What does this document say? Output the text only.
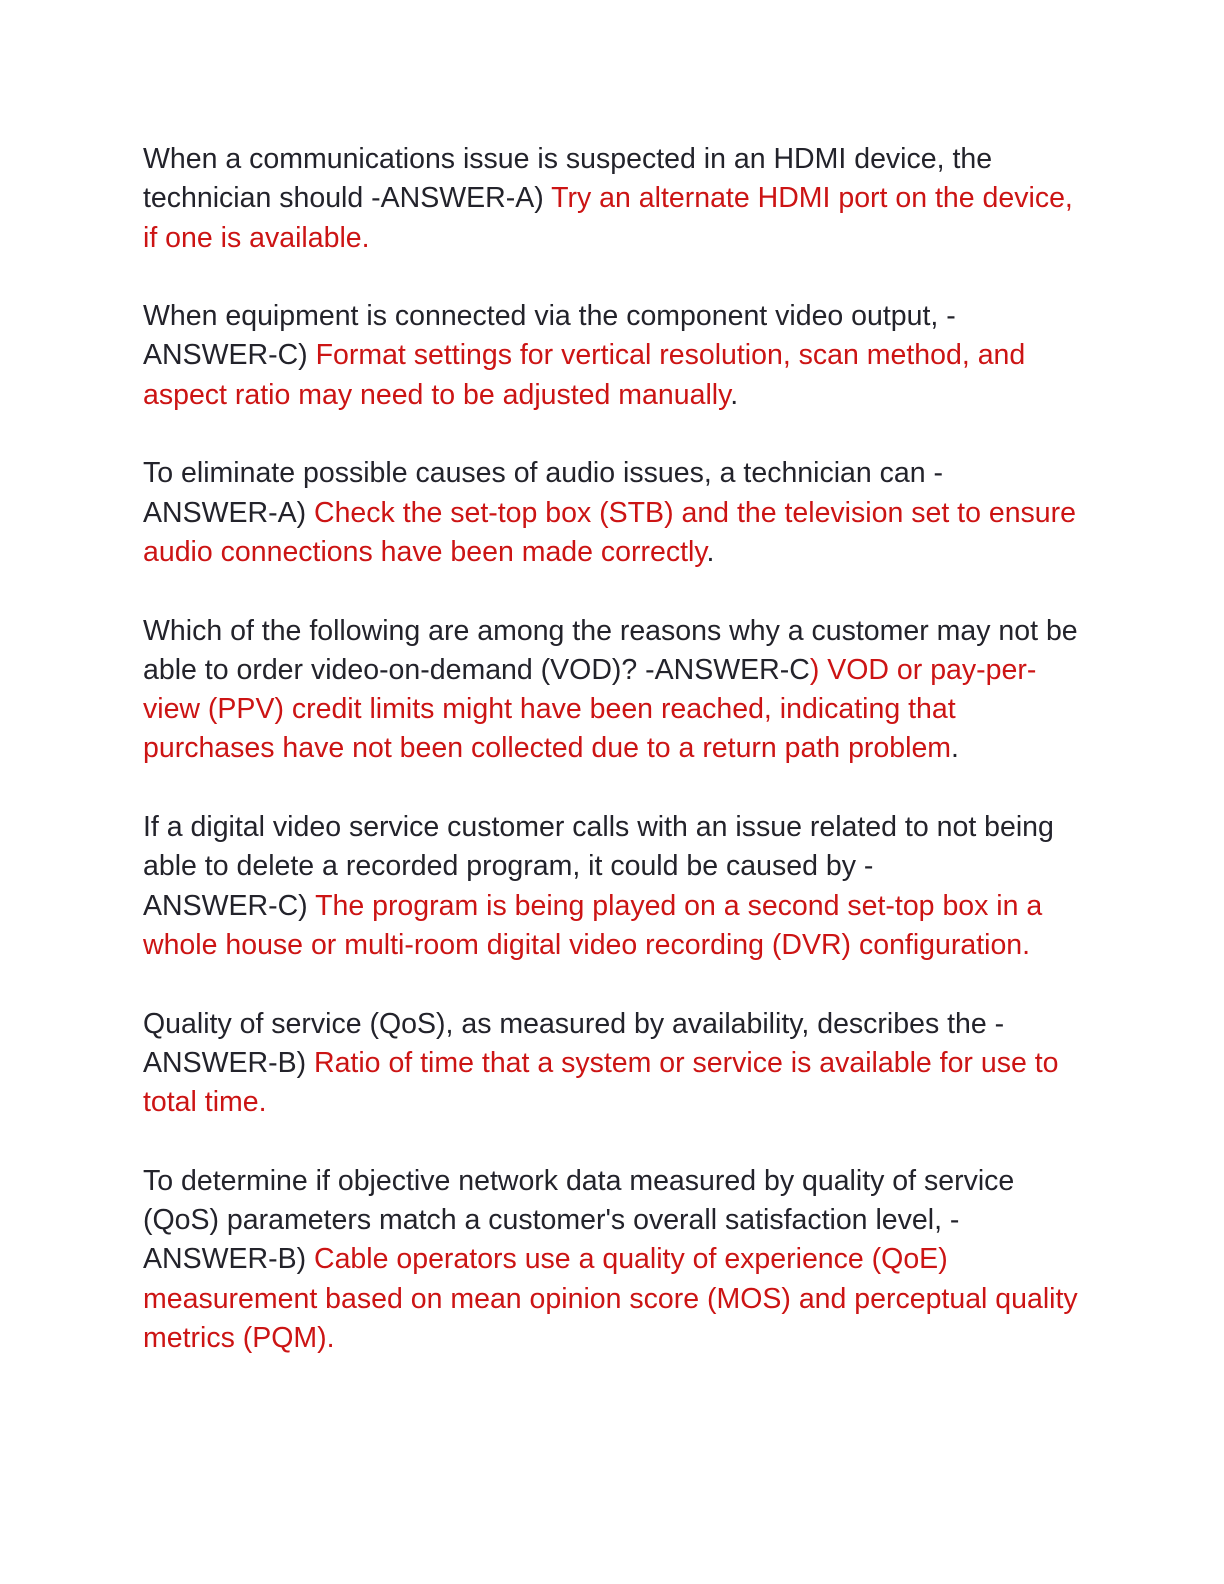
When a communications issue is suspected in an HDMI device, the technician should -ANSWER-A) Try an alternate HDMI port on the device, if one is available.

When equipment is connected via the component video output, -
ANSWER-C) Format settings for vertical resolution, scan method, and aspect ratio may need to be adjusted manually.

To eliminate possible causes of audio issues, a technician can -
ANSWER-A) Check the set-top box (STB) and the television set to ensure audio connections have been made correctly.

Which of the following are among the reasons why a customer may not be able to order video-on-demand (VOD)? -ANSWER-C) VOD or pay-per-view (PPV) credit limits might have been reached, indicating that purchases have not been collected due to a return path problem.

If a digital video service customer calls with an issue related to not being able to delete a recorded program, it could be caused by -
ANSWER-C) The program is being played on a second set-top box in a whole house or multi-room digital video recording (DVR) configuration.

Quality of service (QoS), as measured by availability, describes the -
ANSWER-B) Ratio of time that a system or service is available for use to total time.

To determine if objective network data measured by quality of service (QoS) parameters match a customer's overall satisfaction level, -
ANSWER-B) Cable operators use a quality of experience (QoE) measurement based on mean opinion score (MOS) and perceptual quality metrics (PQM).
